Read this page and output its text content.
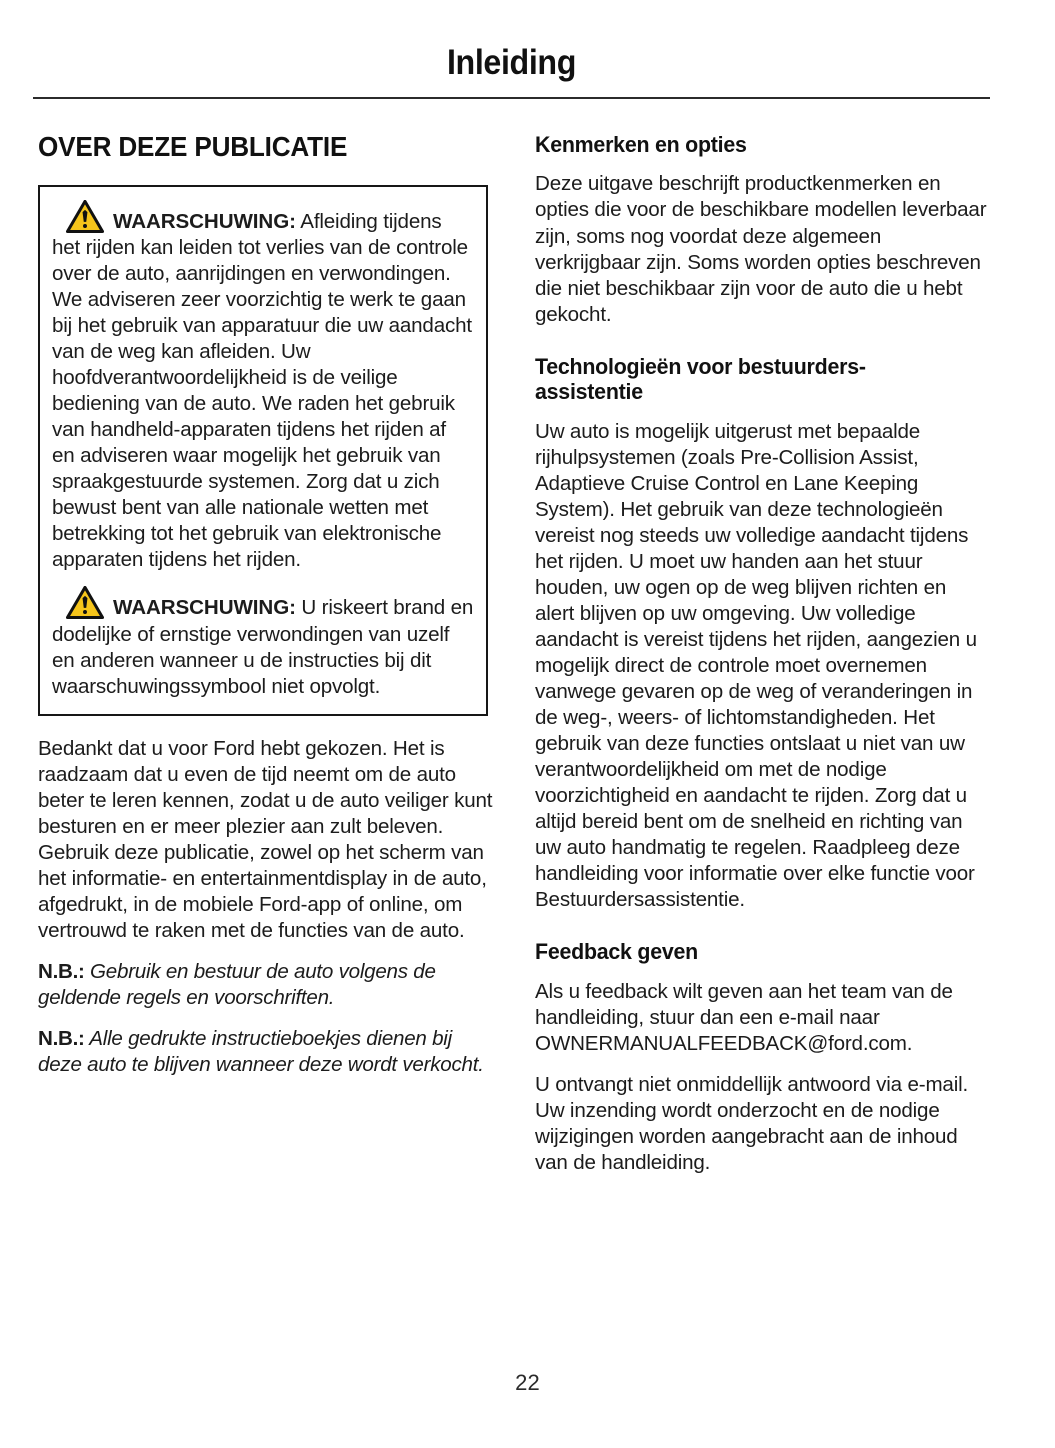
Inleiding
OVER DEZE PUBLICATIE

WAARSCHUWING: Afleiding tijdens het rijden kan leiden tot verlies van de controle over de auto, aanrijdingen en verwondingen. We adviseren zeer voorzichtig te werk te gaan bij het gebruik van apparatuur die uw aandacht van de weg kan afleiden. Uw hoofdverantwoordelijkheid is de veilige bediening van de auto. We raden het gebruik van handheld-apparaten tijdens het rijden af en adviseren waar mogelijk het gebruik van spraakgestuurde systemen. Zorg dat u zich bewust bent van alle nationale wetten met betrekking tot het gebruik van elektronische apparaten tijdens het rijden.

WAARSCHUWING: U riskeert brand en dodelijke of ernstige verwondingen van uzelf en anderen wanneer u de instructies bij dit waarschuwingssymbool niet opvolgt.

Bedankt dat u voor Ford hebt gekozen. Het is raadzaam dat u even de tijd neemt om de auto beter te leren kennen, zodat u de auto veiliger kunt besturen en er meer plezier aan zult beleven. Gebruik deze publicatie, zowel op het scherm van het informatie- en entertainmentdisplay in de auto, afgedrukt, in de mobiele Ford-app of online, om vertrouwd te raken met de functies van de auto.

N.B.: Gebruik en bestuur de auto volgens de geldende regels en voorschriften.

N.B.: Alle gedrukte instructieboekjes dienen bij deze auto te blijven wanneer deze wordt verkocht.

Kenmerken en opties

Deze uitgave beschrijft productkenmerken en opties die voor de beschikbare modellen leverbaar zijn, soms nog voordat deze algemeen verkrijgbaar zijn. Soms worden opties beschreven die niet beschikbaar zijn voor de auto die u hebt gekocht.

Technologieën voor bestuurders-assistentie

Uw auto is mogelijk uitgerust met bepaalde rijhulpsystemen (zoals Pre-Collision Assist, Adaptieve Cruise Control en Lane Keeping System). Het gebruik van deze technologieën vereist nog steeds uw volledige aandacht tijdens het rijden. U moet uw handen aan het stuur houden, uw ogen op de weg blijven richten en alert blijven op uw omgeving. Uw volledige aandacht is vereist tijdens het rijden, aangezien u mogelijk direct de controle moet overnemen vanwege gevaren op de weg of veranderingen in de weg-, weers- of lichtomstandigheden. Het gebruik van deze functies ontslaat u niet van uw verantwoordelijkheid om met de nodige voorzichtigheid en aandacht te rijden. Zorg dat u altijd bereid bent om de snelheid en richting van uw auto handmatig te regelen. Raadpleeg deze handleiding voor informatie over elke functie voor Bestuurdersassistentie.

Feedback geven

Als u feedback wilt geven aan het team van de handleiding, stuur dan een e-mail naar OWNERMANUALFEEDBACK@ford.com.

U ontvangt niet onmiddellijk antwoord via e-mail. Uw inzending wordt onderzocht en de nodige wijzigingen worden aangebracht aan de inhoud van de handleiding.

22
